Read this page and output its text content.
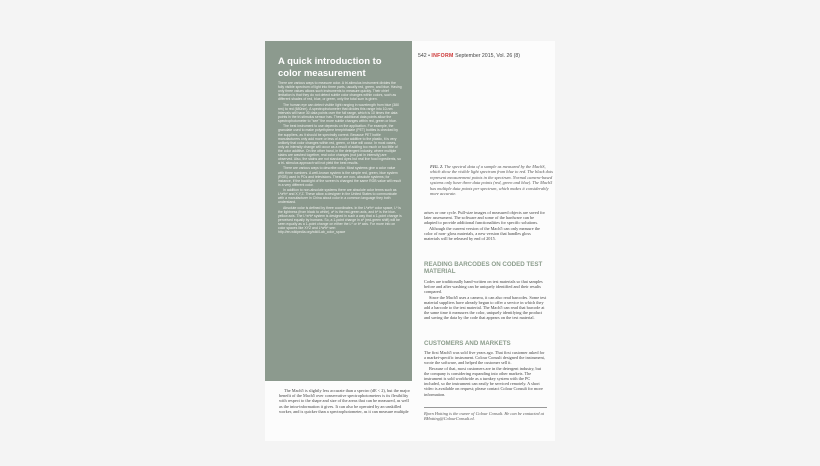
A quick introduction to color measurement

There are various ways to measure color. A tri-stimulus instrument divides the fully visible spectrum of light into three parts, usually red, green, and blue. Having only three values allows such instruments to measure quickly. Their chief limitation is that they do not detect subtle color changes within colors, such as different shades of red, blue, or green, only the total sum is given.

The human eye can detect visible light ranging in wavelength from blue (380 nm) to red (680nm). A spectrophotometer that divides this range into 10-nm intervals will have 30 data points over the full range, which is 10 times the data points in the tri-stimulus sensor has. These additional data points allow the spectrophotometer to "see" the more subtle changes within red, green or blue.

The best instrument to use depends on the application. For example, the granulate used to make polyethylene terephthalate (PET) bottles is checked by the suppliers, as it should be spectrally correct. Because PET bottle manufacturers only add more or less of a color additive to the plastic, it is very unlikely that color changes within red, green, or blue will occur. In most cases, only an intensity change will occur as a result of adding too much or too little of the color additive. On the other hand, in the detergent industry, where multiple stains are washed together, real color changes (not just in intensity) are observed. Also, the stains are not standard dyes but real live food ingredients, so a tri- stimulus approach will not yield the best results.

There are various ways to describe color. Most systems give a color value with three numbers. A well-known system is the simple red, green, blue system (RGB) used in PCs and televisions. These are non- absolute systems; for instance, if the backlight of the screen is changed the same RGB value will result in a very different color.

In addition to non-absolute systems there are absolute color terms such as L*a*b* and X,Y,Z. These allow a designer in the United States to communicate with a manufacturer in China about color in a common language they both understand.

Absolute color is defined by three coordinates. In the L*a*b* color space, L* is the lightness (from black to white), a* is the red-green axis, and b* is the blue-yellow axis. The L*a*b* system is designed in such a way that a 1-point change is perceived equally by humans. So, a 1-point change in a* (red-green shift) will be seen equally as a 1-point change on either the L* or b* axis. For more info on color spaces like XYZ and L*a*b* see: http://en.wikipedia.org/wiki/Lab_color_space

542 • INFORM September 2015, Vol. 26 (8)

FIG. 2. The spectral data of a sample as measured by the MachS, which show the visible light spectrum from blue to red. The black dots represent measurement points in the spectrum. Normal camera-based systems only have three data points (red, green and blue). The Mach5 has multiple data points per spectrum, which makes it considerably more accurate.

arises or one cycle. Pull-size images of measured objects are saved for later assessment. The software and some of the hardware can be adapted to provide additional functionalities for specific solutions.

Although the current version of the Mach5 can only measure the color of non- gloss materials, a new version that handles gloss materials will be released by end of 2015.

READING BARCODES ON CODED TEST MATERIAL

Codes are traditionally hand-written on test materials so that samples before and after washing can be uniquely identified and their results compared.

Since the Mach5 uses a camera, it can also read barcodes. Some test material suppliers have already begun to offer a service in which they add a barcode to the test material. The Mach5 can read that barcode at the same time it measures the color, uniquely identifying the product and saving the data by the code that appears on the test material.

CUSTOMERS AND MARKETS

The first Mach5 was sold five years ago. That first customer asked for a market-specific instrument. Colour Consult designed the instrument, wrote the software, and helped the customer sell it.

Because of that, most customers are in the detergent industry, but the company is considering expanding into other markets. The instrument is sold worldwide as a turnkey system with the PC included, so the instrument can easily be serviced remotely. A short video is available on request; please contact Colour Consult for more information.

Bjorn Hotting is the owner of Colour Consult. He can be contacted at BHotting@ColourConsult.nl.

The Mach5 is slightly less accurate than a spectro (dE < 2), but the major benefit of the Mach5 over conservative spectrophotometers is its flexibility with respect to the shape and size of the areas that can be measured, as well as the intra-information it gives. It can also be operated by an unskilled worker, and is quicker than a spectrophotometer, as it can measure multiple
